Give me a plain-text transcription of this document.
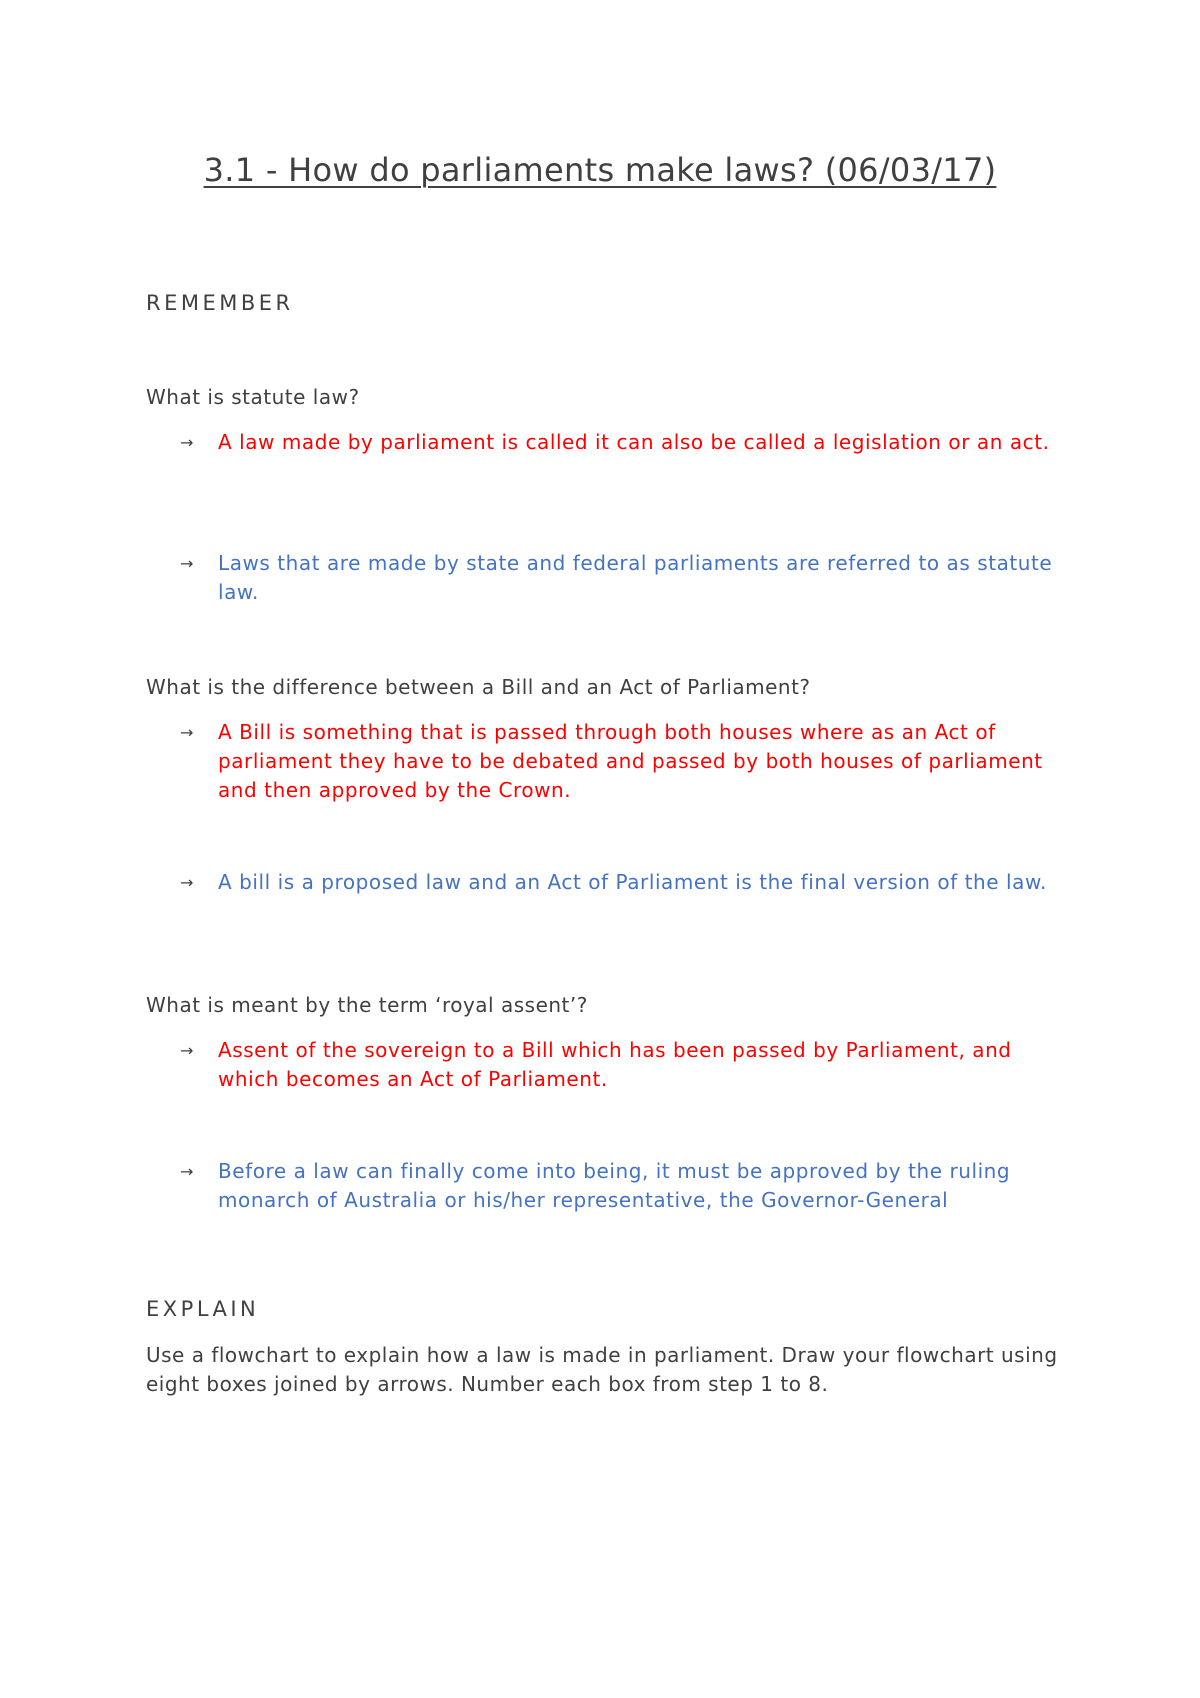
3.1 - How do parliaments make laws? (06/03/17)
REMEMBER
What is statute law?
→	A law made by parliament is called it can also be called a legislation or an act.
→	Laws that are made by state and federal parliaments are referred to as statute law.
What is the difference between a Bill and an Act of Parliament?
→	A Bill is something that is passed through both houses where as an Act of parliament they have to be debated and passed by both houses of parliament and then approved by the Crown.
→	A bill is a proposed law and an Act of Parliament is the final version of the law.
What is meant by the term ‘royal assent’?
→	Assent of the sovereign to a Bill which has been passed by Parliament, and which becomes an Act of Parliament.
→	Before a law can finally come into being, it must be approved by the ruling monarch of Australia or his/her representative, the Governor-General
EXPLAIN
Use a flowchart to explain how a law is made in parliament. Draw your flowchart using eight boxes joined by arrows. Number each box from step 1 to 8.
